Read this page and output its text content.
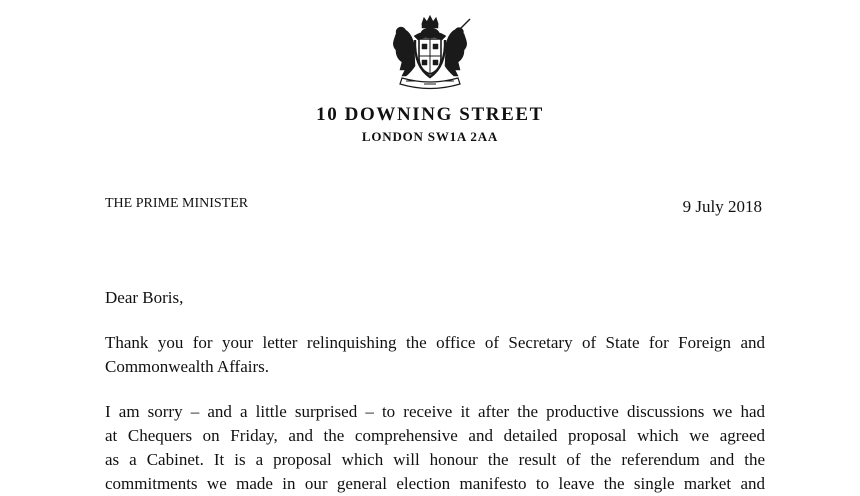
10 DOWNING STREET
LONDON SW1A 2AA
THE PRIME MINISTER	9 July 2018
Dear Boris,
Thank you for your letter relinquishing the office of Secretary of State for Foreign and
Commonwealth Affairs.
I am sorry – and a little surprised – to receive it after the productive discussions we had
at Chequers on Friday, and the comprehensive and detailed proposal which we agreed
as a Cabinet. It is a proposal which will honour the result of the referendum and the
commitments we made in our general election manifesto to leave the single market and
